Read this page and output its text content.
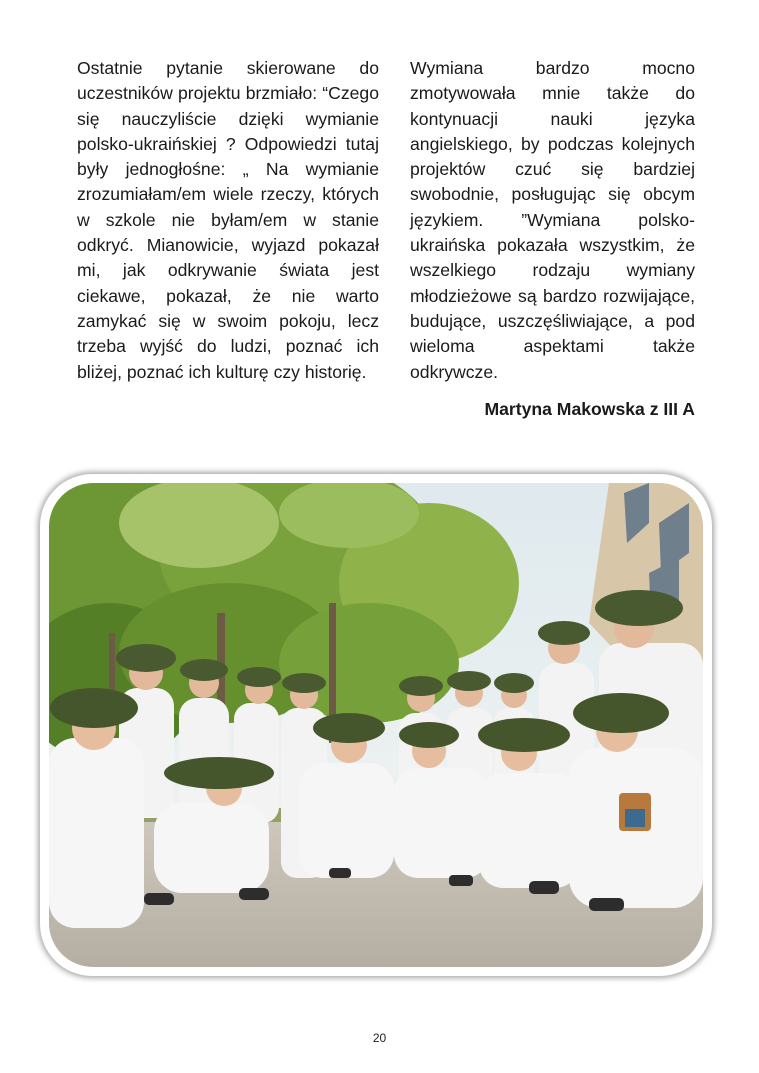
Ostatnie pytanie skierowane do uczestników projektu brzmiało: “Czego się nauczyliście dzięki wymianie polsko-ukraińskiej ? Odpowiedzi tutaj były jednogłośne: „ Na wymianie zrozumiałam/em wiele rzeczy, których w szkole nie byłam/em w stanie odkryć. Mianowicie, wyjazd pokazał mi, jak odkrywanie świata jest ciekawe, pokazał, że nie warto zamykać się w swoim pokoju, lecz trzeba wyjść do ludzi, poznać ich bliżej, poznać ich kulturę czy historię.

Wymiana bardzo mocno zmotywowała mnie także do kontynuacji nauki języka angielskiego, by podczas kolejnych projektów czuć się bardziej swobodnie, posługując się obcym językiem. ”Wymiana polsko-ukraińska pokazała wszystkim, że wszelkiego rodzaju wymiany młodzieżowe są bardzo rozwijające, budujące, uszczęśliwiające, a pod wieloma aspektami także odkrywcze.

Martyna Makowska z III A

20
